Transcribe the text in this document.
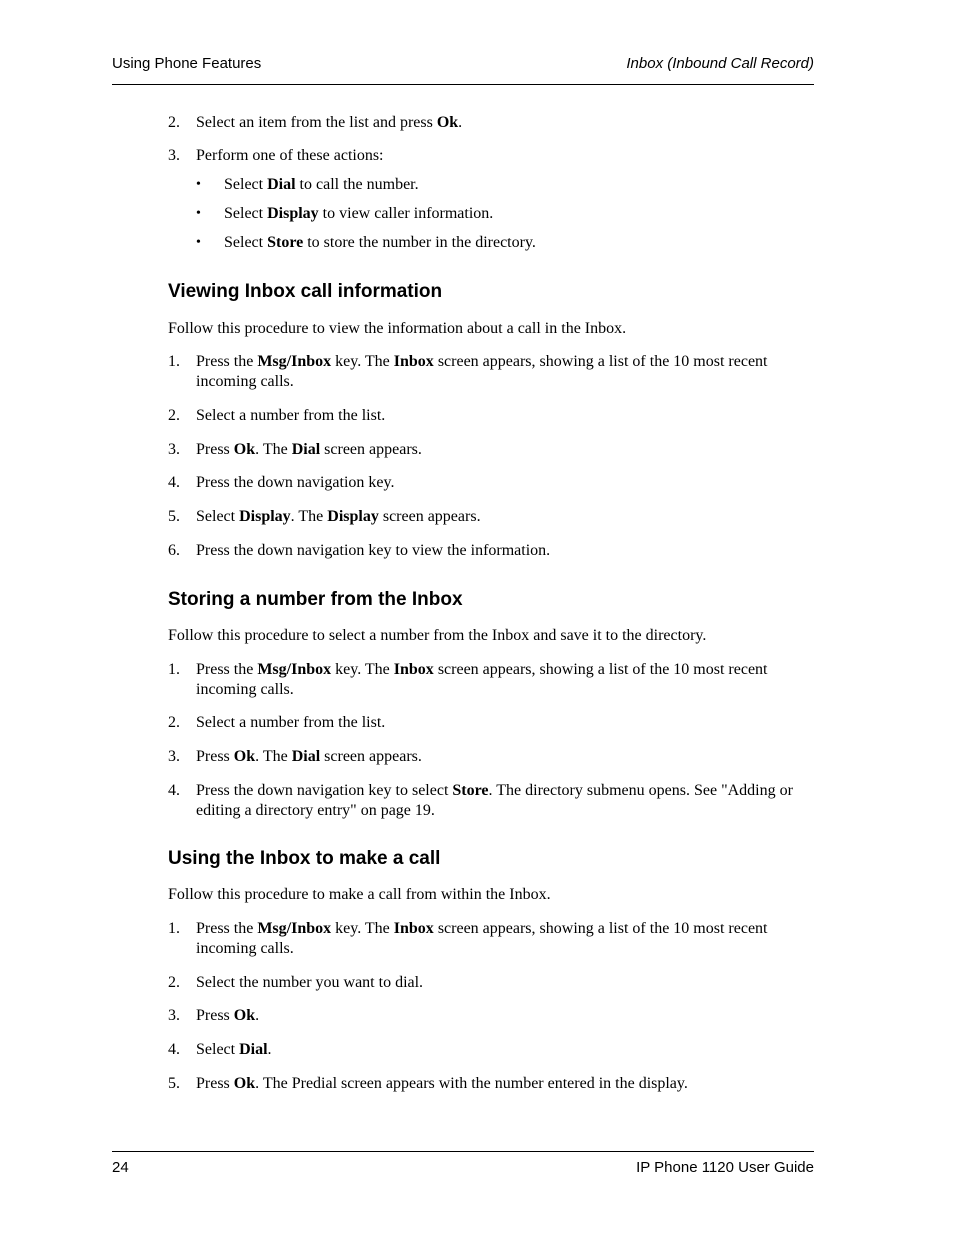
Using Phone Features	Inbox (Inbound Call Record)
2. Select an item from the list and press Ok.
3. Perform one of these actions:
• Select Dial to call the number.
• Select Display to view caller information.
• Select Store to store the number in the directory.
Viewing Inbox call information
Follow this procedure to view the information about a call in the Inbox.
1. Press the Msg/Inbox key. The Inbox screen appears, showing a list of the 10 most recent incoming calls.
2. Select a number from the list.
3. Press Ok. The Dial screen appears.
4. Press the down navigation key.
5. Select Display. The Display screen appears.
6. Press the down navigation key to view the information.
Storing a number from the Inbox
Follow this procedure to select a number from the Inbox and save it to the directory.
1. Press the Msg/Inbox key. The Inbox screen appears, showing a list of the 10 most recent incoming calls.
2. Select a number from the list.
3. Press Ok. The Dial screen appears.
4. Press the down navigation key to select Store. The directory submenu opens. See "Adding or editing a directory entry" on page 19.
Using the Inbox to make a call
Follow this procedure to make a call from within the Inbox.
1. Press the Msg/Inbox key. The Inbox screen appears, showing a list of the 10 most recent incoming calls.
2. Select the number you want to dial.
3. Press Ok.
4. Select Dial.
5. Press Ok. The Predial screen appears with the number entered in the display.
24	IP Phone 1120 User Guide
